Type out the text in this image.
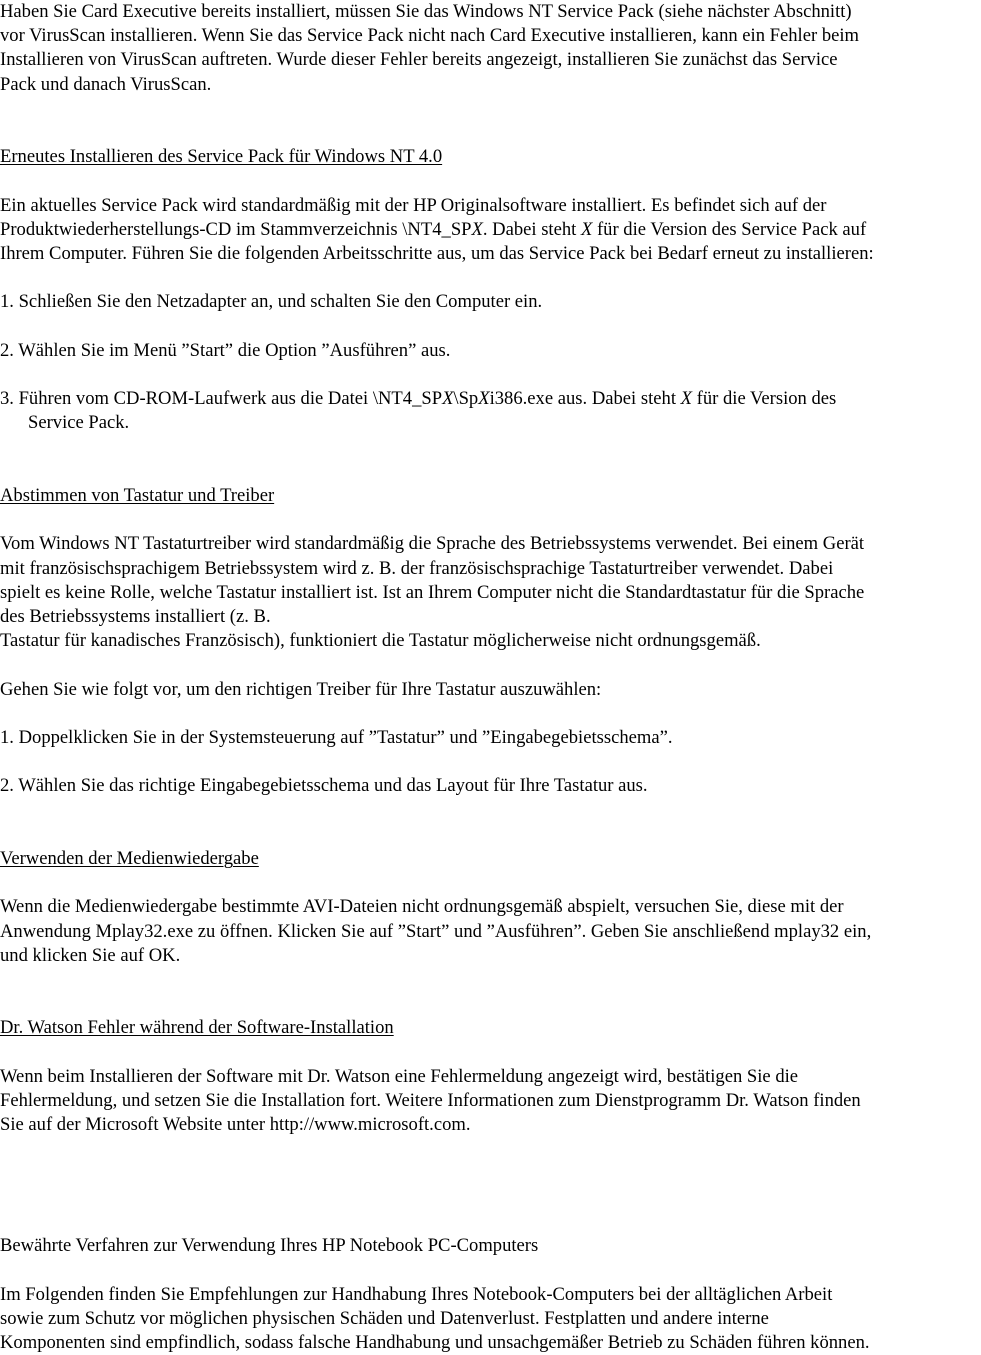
Haben Sie Card Executive bereits installiert, müssen Sie das Windows NT Service Pack (siehe nächster Abschnitt)
vor VirusScan installieren. Wenn Sie das Service Pack nicht nach Card Executive installieren, kann ein Fehler beim
Installieren von VirusScan auftreten. Wurde dieser Fehler bereits angezeigt, installieren Sie zunächst das Service
Pack und danach VirusScan.
Erneutes Installieren des Service Pack für Windows NT 4.0
Ein aktuelles Service Pack wird standardmäßig mit der HP Originalsoftware installiert. Es befindet sich auf der
Produktwiederherstellungs-CD im Stammverzeichnis \NT4_SPX. Dabei steht X für die Version des Service Pack auf
Ihrem Computer. Führen Sie die folgenden Arbeitsschritte aus, um das Service Pack bei Bedarf erneut zu installieren:
1. Schließen Sie den Netzadapter an, und schalten Sie den Computer ein.
2. Wählen Sie im Menü ”Start” die Option ”Ausführen” aus.
3. Führen vom CD-ROM-Laufwerk aus die Datei \NT4_SPX\SpXi386.exe aus. Dabei steht X für die Version des
Service Pack.
Abstimmen von Tastatur und Treiber
Vom Windows NT Tastaturtreiber wird standardmäßig die Sprache des Betriebssystems verwendet. Bei einem Gerät
mit französischsprachigem Betriebssystem wird z. B. der französischsprachige Tastaturtreiber verwendet. Dabei
spielt es keine Rolle, welche Tastatur installiert ist. Ist an Ihrem Computer nicht die Standardtastatur für die Sprache
des Betriebssystems installiert (z. B.
Tastatur für kanadisches Französisch), funktioniert die Tastatur möglicherweise nicht ordnungsgemäß.
Gehen Sie wie folgt vor, um den richtigen Treiber für Ihre Tastatur auszuwählen:
1. Doppelklicken Sie in der Systemsteuerung auf ”Tastatur” und ”Eingabegebietsschema”.
2. Wählen Sie das richtige Eingabegebietsschema und das Layout für Ihre Tastatur aus.
Verwenden der Medienwiedergabe
Wenn die Medienwiedergabe bestimmte AVI-Dateien nicht ordnungsgemäß abspielt, versuchen Sie, diese mit der
Anwendung Mplay32.exe zu öffnen. Klicken Sie auf ”Start” und ”Ausführen”. Geben Sie anschließend mplay32 ein,
und klicken Sie auf OK.
Dr. Watson Fehler während der Software-Installation
Wenn beim Installieren der Software mit Dr. Watson eine Fehlermeldung angezeigt wird, bestätigen Sie die
Fehlermeldung, und setzen Sie die Installation fort. Weitere Informationen zum Dienstprogramm Dr. Watson finden
Sie auf der Microsoft Website unter http://www.microsoft.com.
Bewährte Verfahren zur Verwendung Ihres HP Notebook PC-Computers
Im Folgenden finden Sie Empfehlungen zur Handhabung Ihres Notebook-Computers bei der alltäglichen Arbeit
sowie zum Schutz vor möglichen physischen Schäden und Datenverlust. Festplatten und andere interne
Komponenten sind empfindlich, sodass falsche Handhabung und unsachgemäßer Betrieb zu Schäden führen können.
